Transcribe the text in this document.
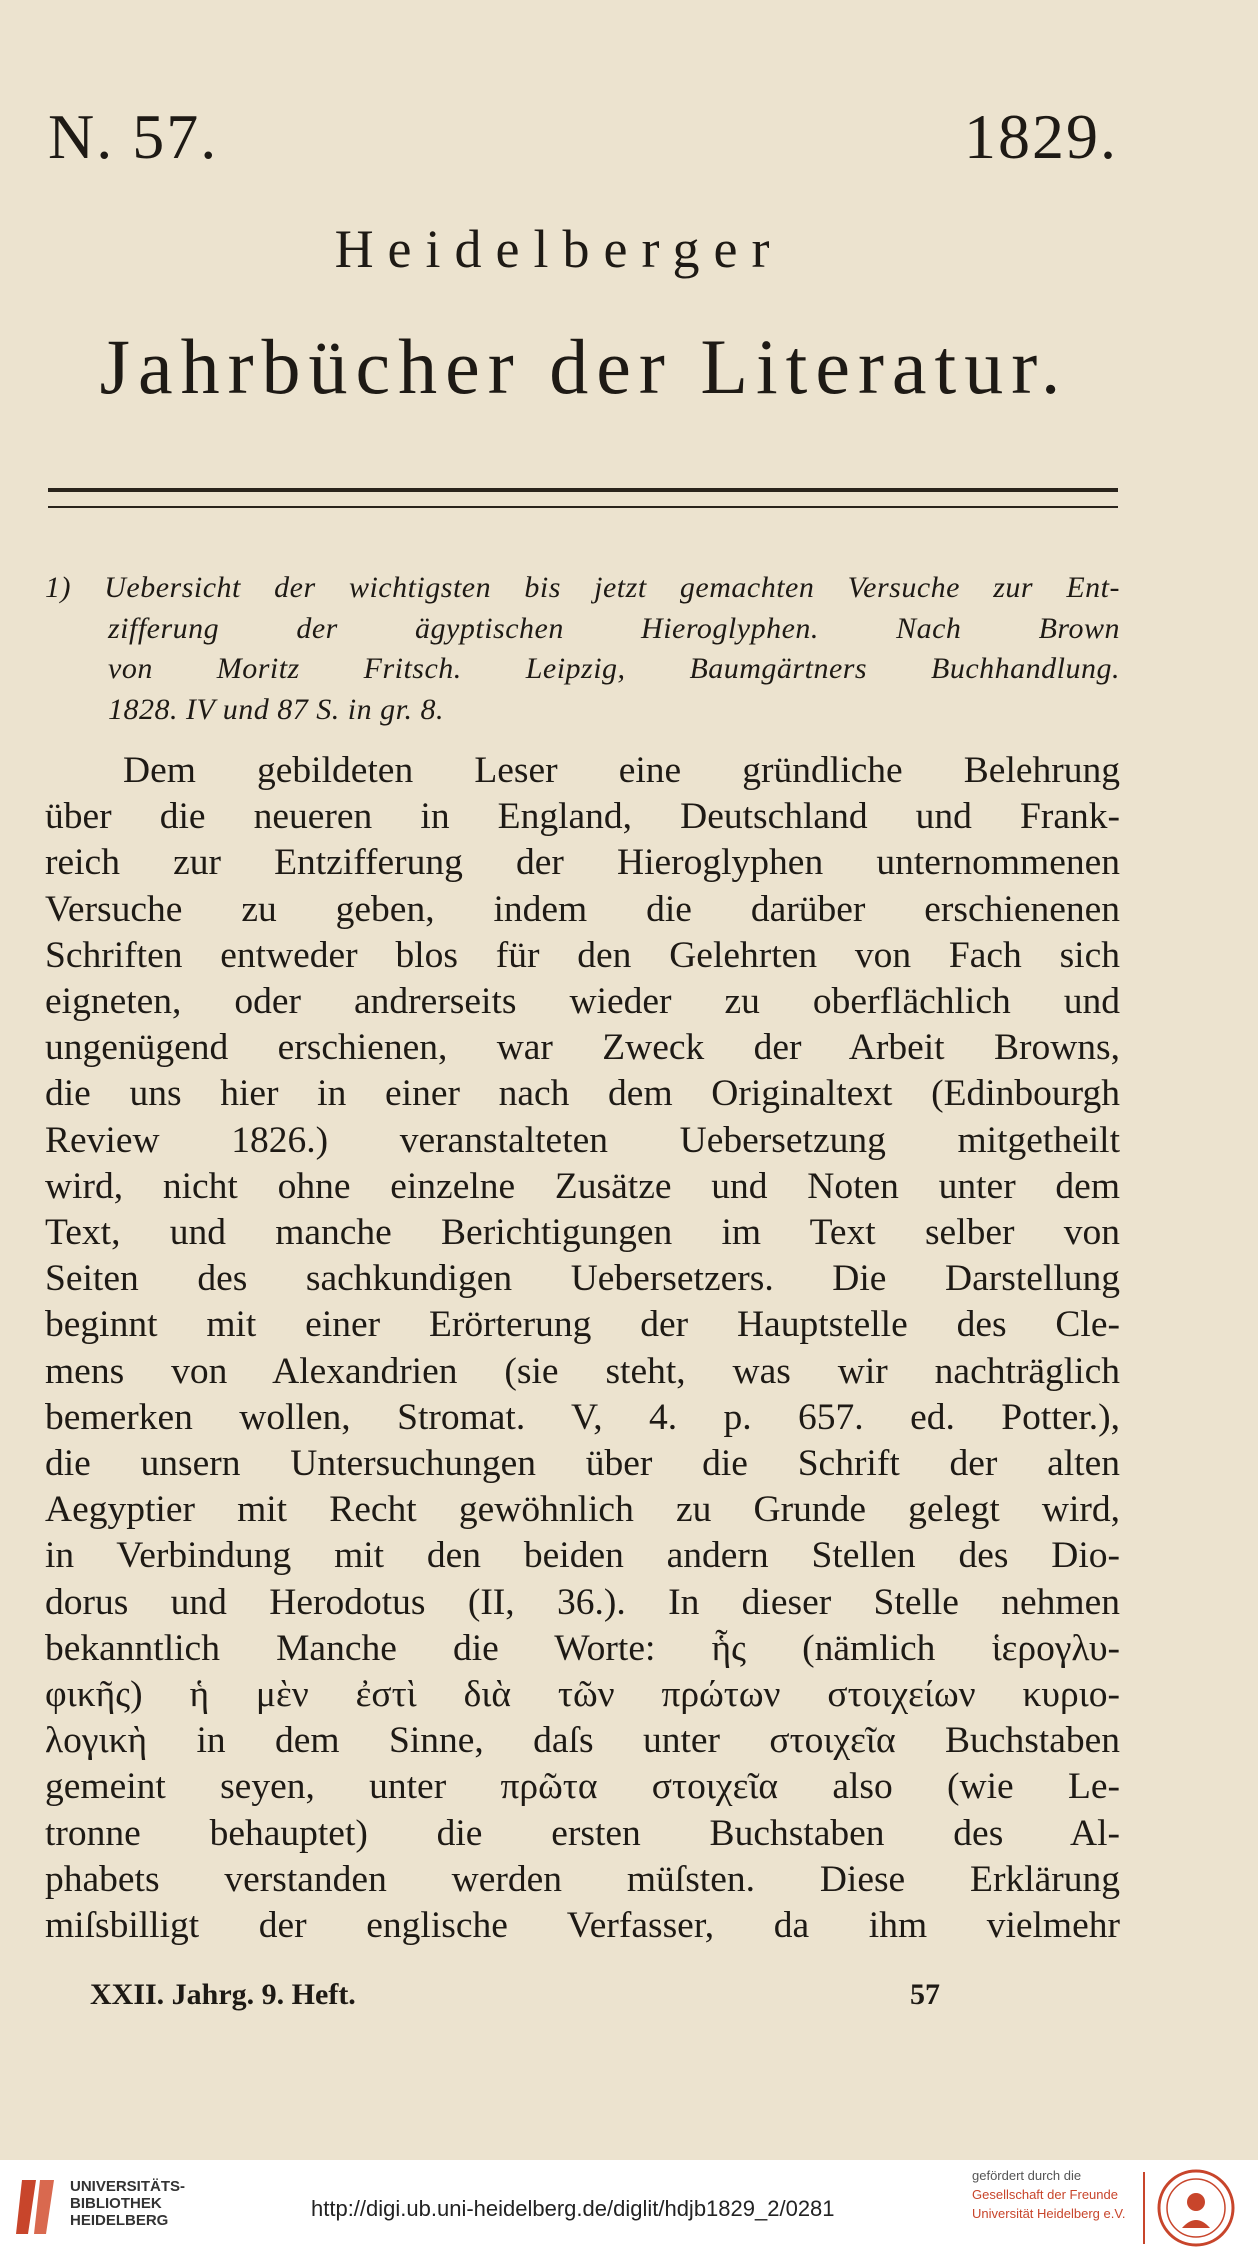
N. 57.	1829.
Heidelberger
Jahrbücher der Literatur.
1) Uebersicht der wichtigsten bis jetzt gemachten Versuche zur Ent-
zifferung der ägyptischen Hieroglyphen. Nach Brown
von Moritz Fritsch. Leipzig, Baumgärtners Buchhandlung.
1828. IV und 87 S. in gr. 8.
Dem gebildeten Leser eine gründliche Belehrung
über die neueren in England, Deutschland und Frank-
reich zur Entzifferung der Hieroglyphen unternommenen
Versuche zu geben, indem die darüber erschienenen
Schriften entweder blos für den Gelehrten von Fach sich
eigneten, oder andrerseits wieder zu oberflächlich und
ungenügend erschienen, war Zweck der Arbeit Browns,
die uns hier in einer nach dem Originaltext (Edinbourgh
Review 1826.) veranstalteten Uebersetzung mitgetheilt
wird, nicht ohne einzelne Zusätze und Noten unter dem
Text, und manche Berichtigungen im Text selber von
Seiten des sachkundigen Uebersetzers. Die Darstellung
beginnt mit einer Erörterung der Hauptstelle des Cle-
mens von Alexandrien (sie steht, was wir nachträglich
bemerken wollen, Stromat. V, 4. p. 657. ed. Potter.),
die unsern Untersuchungen über die Schrift der alten
Aegyptier mit Recht gewöhnlich zu Grunde gelegt wird,
in Verbindung mit den beiden andern Stellen des Dio-
dorus und Herodotus (II, 36.). In dieser Stelle nehmen
bekanntlich Manche die Worte: ἧς (nämlich ἱερογλυ-
φικῆς) ἡ μὲν ἐστὶ διὰ τῶν πρώτων στοιχείων κυριο-
λογικὴ in dem Sinne, daſs unter στοιχεῖα Buchstaben
gemeint seyen, unter πρῶτα στοιχεῖα also (wie Le-
tronne behauptet) die ersten Buchstaben des Al-
phabets verstanden werden müſsten. Diese Erklärung
miſsbilligt der englische Verfasser, da ihm vielmehr
XXII. Jahrg. 9. Heft.	57
UNIVERSITÄTS-
BIBLIOTHEK
HEIDELBERG	http://digi.ub.uni-heidelberg.de/diglit/hdjb1829_2/0281
gefördert durch die
Gesellschaft der Freunde
Universität Heidelberg e.V.
